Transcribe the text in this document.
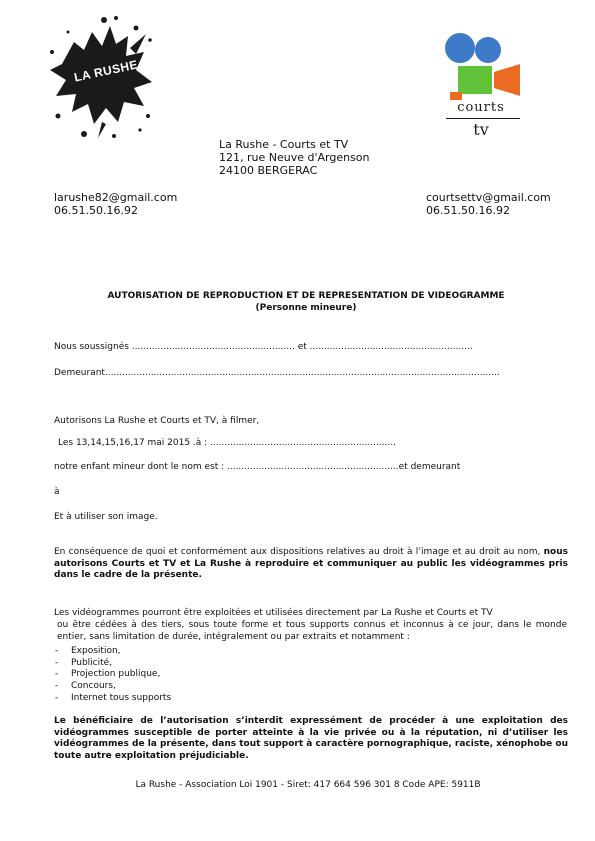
LA RUSHE
courts
tv
La Rushe - Courts et TV
121, rue Neuve d'Argenson
24100 BERGERAC
larushe82@gmail.com
06.51.50.16.92
courtsettv@gmail.com
06.51.50.16.92
AUTORISATION DE REPRODUCTION ET DE REPRESENTATION DE VIDEOGRAMME
(Personne mineure)
Nous soussignés ......................................................... et .........................................................
Demeurant..........................................................................................................................................
Autorisons La Rushe et Courts et TV, à filmer,
Les 13,14,15,16,17 mai 2015 .à : .................................................................
notre enfant mineur dont le nom est : ............................................................et demeurant
à
Et à utiliser son image.
En conséquence de quoi et conformément aux dispositions relatives au droit à l’image et au droit au nom, nous autorisons Courts et TV et La Rushe à reproduire et communiquer au public les vidéogrammes pris dans le cadre de la présente.
Les vidéogrammes pourront être exploitées et utilisées directement par La Rushe et Courts et TV
ou être cédées à des tiers, sous toute forme et tous supports connus et inconnus à ce jour, dans le monde entier, sans limitation de durée, intégralement ou par extraits et notamment :
- Exposition,
- Publicité,
- Projection publique,
- Concours,
- Internet tous supports
Le bénéficiaire de l’autorisation s’interdit expressément de procéder à une exploitation des vidéogrammes susceptible de porter atteinte à la vie privée ou à la réputation, ni d’utiliser les vidéogrammes de la présente, dans tout support à caractère pornographique, raciste, xénophobe ou toute autre exploitation préjudiciable.
La Rushe - Association Loi 1901 - Siret: 417 664 596 301 8 Code APE: 5911B
